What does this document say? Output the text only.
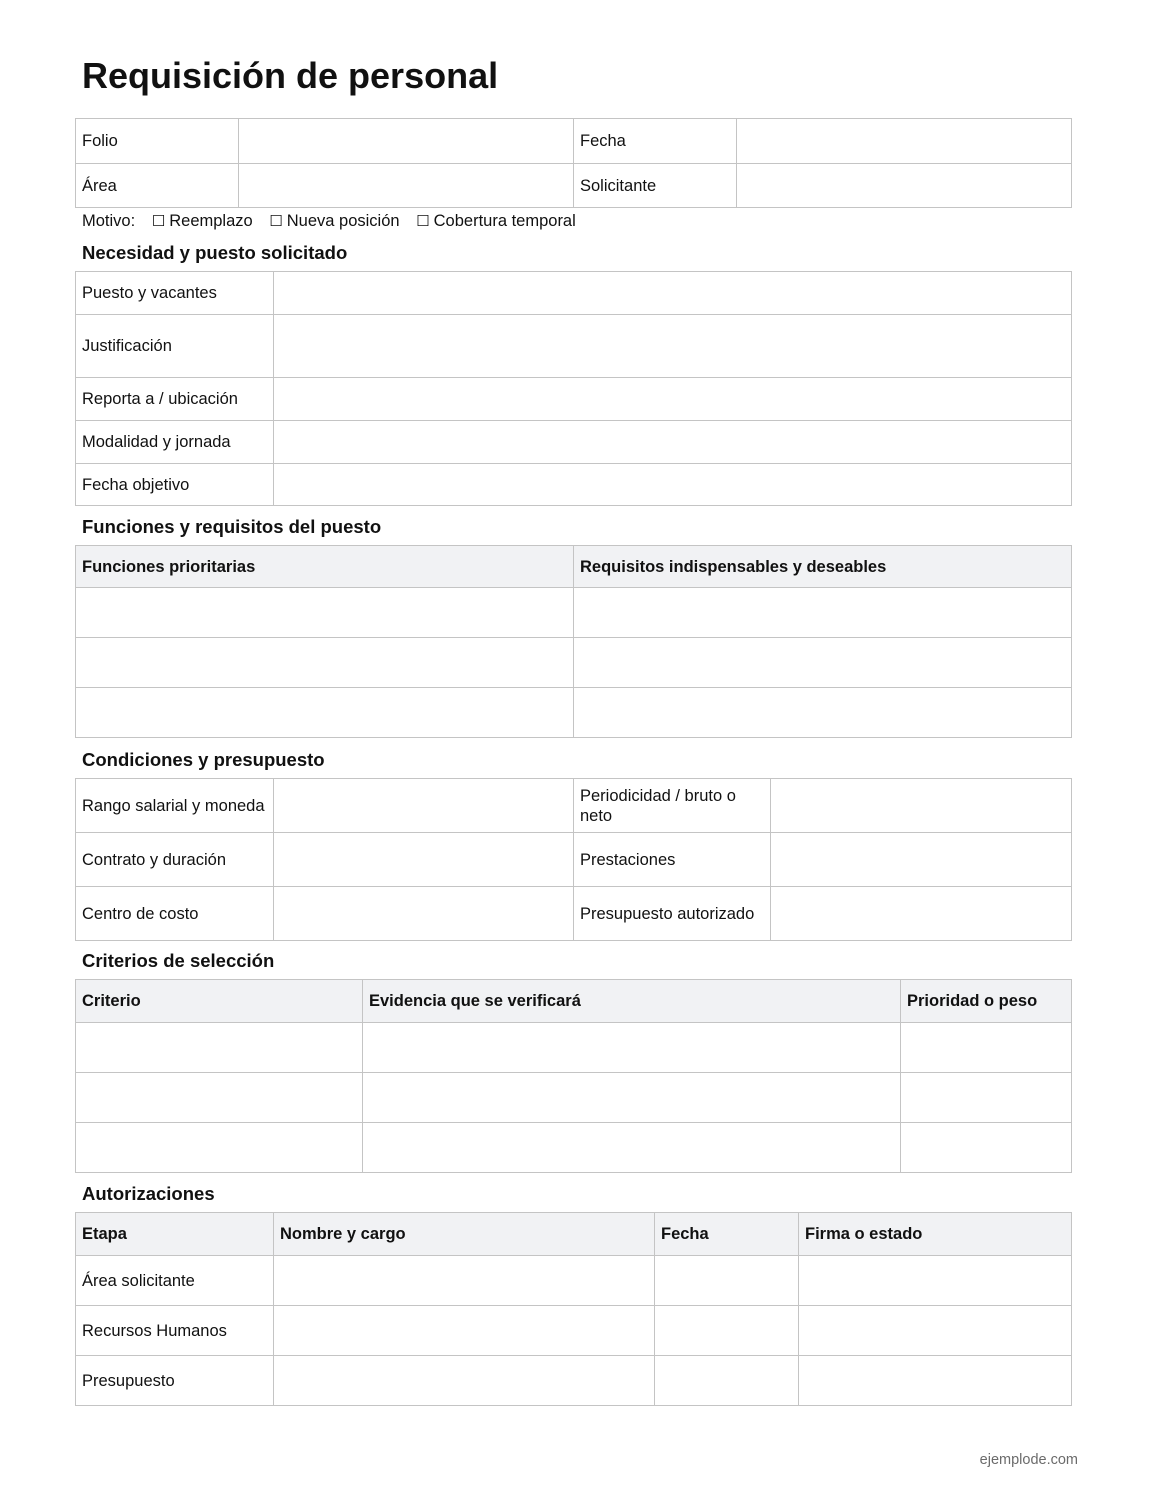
Requisición de personal
Folio		Fecha	
Área		Solicitante	
Motivo: ☐ Reemplazo ☐ Nueva posición ☐ Cobertura temporal
Necesidad y puesto solicitado
Puesto y vacantes	
Justificación	
Reporta a / ubicación	
Modalidad y jornada	
Fecha objetivo	
Funciones y requisitos del puesto
Funciones prioritarias	Requisitos indispensables y deseables

Condiciones y presupuesto
Rango salarial y moneda		Periodicidad / bruto o neto	
Contrato y duración		Prestaciones	
Centro de costo		Presupuesto autorizado	
Criterios de selección
Criterio	Evidencia que se verificará	Prioridad o peso

Autorizaciones
Etapa	Nombre y cargo	Fecha	Firma o estado
Área solicitante			
Recursos Humanos			
Presupuesto			
ejemplode.com
